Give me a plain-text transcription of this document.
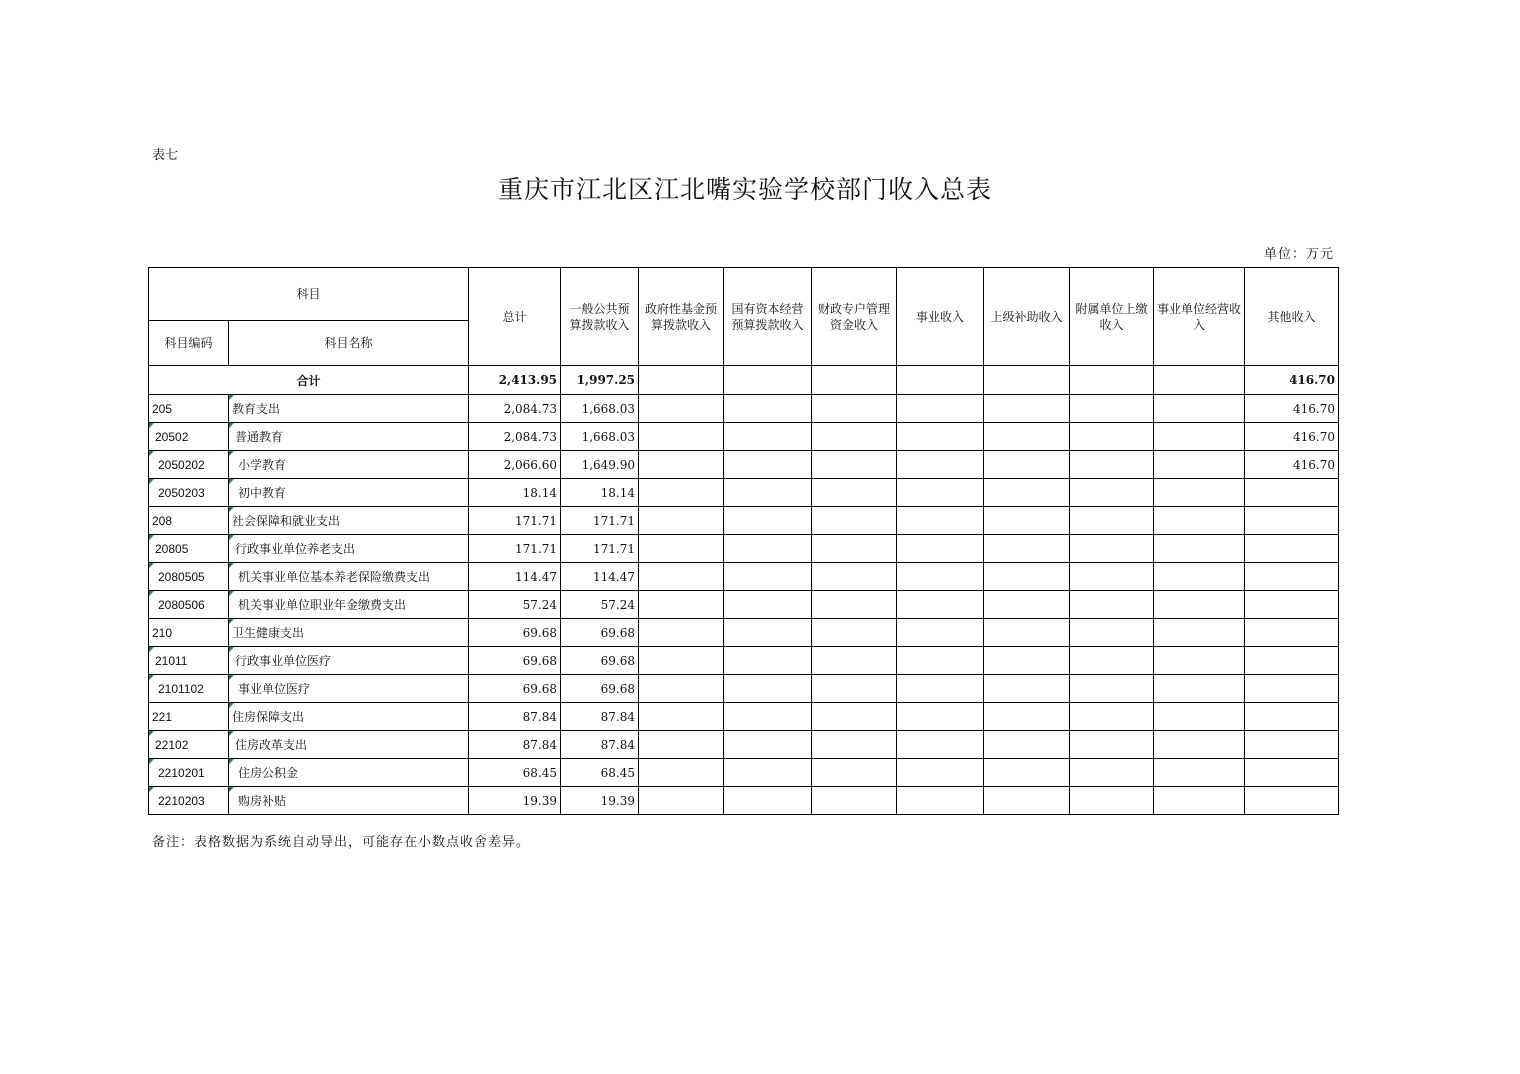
表七
重庆市江北区江北嘴实验学校部门收入总表
单位：万元
科目		总计	一般公共预算拨款收入	政府性基金预算拨款收入	国有资本经营预算拨款收入	财政专户管理资金收入	事业收入	上级补助收入	附属单位上缴收入	事业单位经营收入	其他收入
科目编码	科目名称										
合计		2,413.95	1,997.25								416.70
205	教育支出	2,084.73	1,668.03								416.70
20502	普通教育	2,084.73	1,668.03								416.70
2050202	小学教育	2,066.60	1,649.90								416.70
2050203	初中教育	18.14	18.14								
208	社会保障和就业支出	171.71	171.71								
20805	行政事业单位养老支出	171.71	171.71								
2080505	机关事业单位基本养老保险缴费支出	114.47	114.47								
2080506	机关事业单位职业年金缴费支出	57.24	57.24								
210	卫生健康支出	69.68	69.68								
21011	行政事业单位医疗	69.68	69.68								
2101102	事业单位医疗	69.68	69.68								
221	住房保障支出	87.84	87.84								
22102	住房改革支出	87.84	87.84								
2210201	住房公积金	68.45	68.45								
2210203	购房补贴	19.39	19.39								
备注：表格数据为系统自动导出，可能存在小数点收舍差异。
